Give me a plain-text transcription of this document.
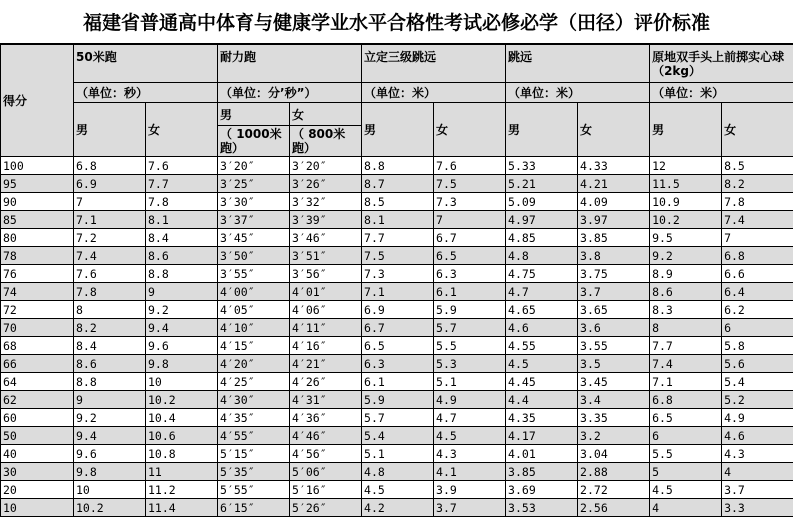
福建省普通高中体育与健康学业水平合格性考试必修必学（田径）评价标准
得分	50米跑		耐力跑		立定三级跳远		跳远		原地双手头上前掷实心球（2kg）	
	（单位：秒）		（单位：分’秒”）		（单位：米）		（单位：米）		（单位：米）	
	男	女	男	女	男	女	男	女	男	女
			（ 1000米跑）	（ 800米跑）						
100	6.8	7.6	3′20″	3′20″	8.8	7.6	5.33	4.33	12	8.5
95	6.9	7.7	3′25″	3′26″	8.7	7.5	5.21	4.21	11.5	8.2
90	7	7.8	3′30″	3′32″	8.5	7.3	5.09	4.09	10.9	7.8
85	7.1	8.1	3′37″	3′39″	8.1	7	4.97	3.97	10.2	7.4
80	7.2	8.4	3′45″	3′46″	7.7	6.7	4.85	3.85	9.5	7
78	7.4	8.6	3′50″	3′51″	7.5	6.5	4.8	3.8	9.2	6.8
76	7.6	8.8	3′55″	3′56″	7.3	6.3	4.75	3.75	8.9	6.6
74	7.8	9	4′00″	4′01″	7.1	6.1	4.7	3.7	8.6	6.4
72	8	9.2	4′05″	4′06″	6.9	5.9	4.65	3.65	8.3	6.2
70	8.2	9.4	4′10″	4′11″	6.7	5.7	4.6	3.6	8	6
68	8.4	9.6	4′15″	4′16″	6.5	5.5	4.55	3.55	7.7	5.8
66	8.6	9.8	4′20″	4′21″	6.3	5.3	4.5	3.5	7.4	5.6
64	8.8	10	4′25″	4′26″	6.1	5.1	4.45	3.45	7.1	5.4
62	9	10.2	4′30″	4′31″	5.9	4.9	4.4	3.4	6.8	5.2
60	9.2	10.4	4′35″	4′36″	5.7	4.7	4.35	3.35	6.5	4.9
50	9.4	10.6	4′55″	4′46″	5.4	4.5	4.17	3.2	6	4.6
40	9.6	10.8	5′15″	4′56″	5.1	4.3	4.01	3.04	5.5	4.3
30	9.8	11	5′35″	5′06″	4.8	4.1	3.85	2.88	5	4
20	10	11.2	5′55″	5′16″	4.5	3.9	3.69	2.72	4.5	3.7
10	10.2	11.4	6′15″	5′26″	4.2	3.7	3.53	2.56	4	3.3
